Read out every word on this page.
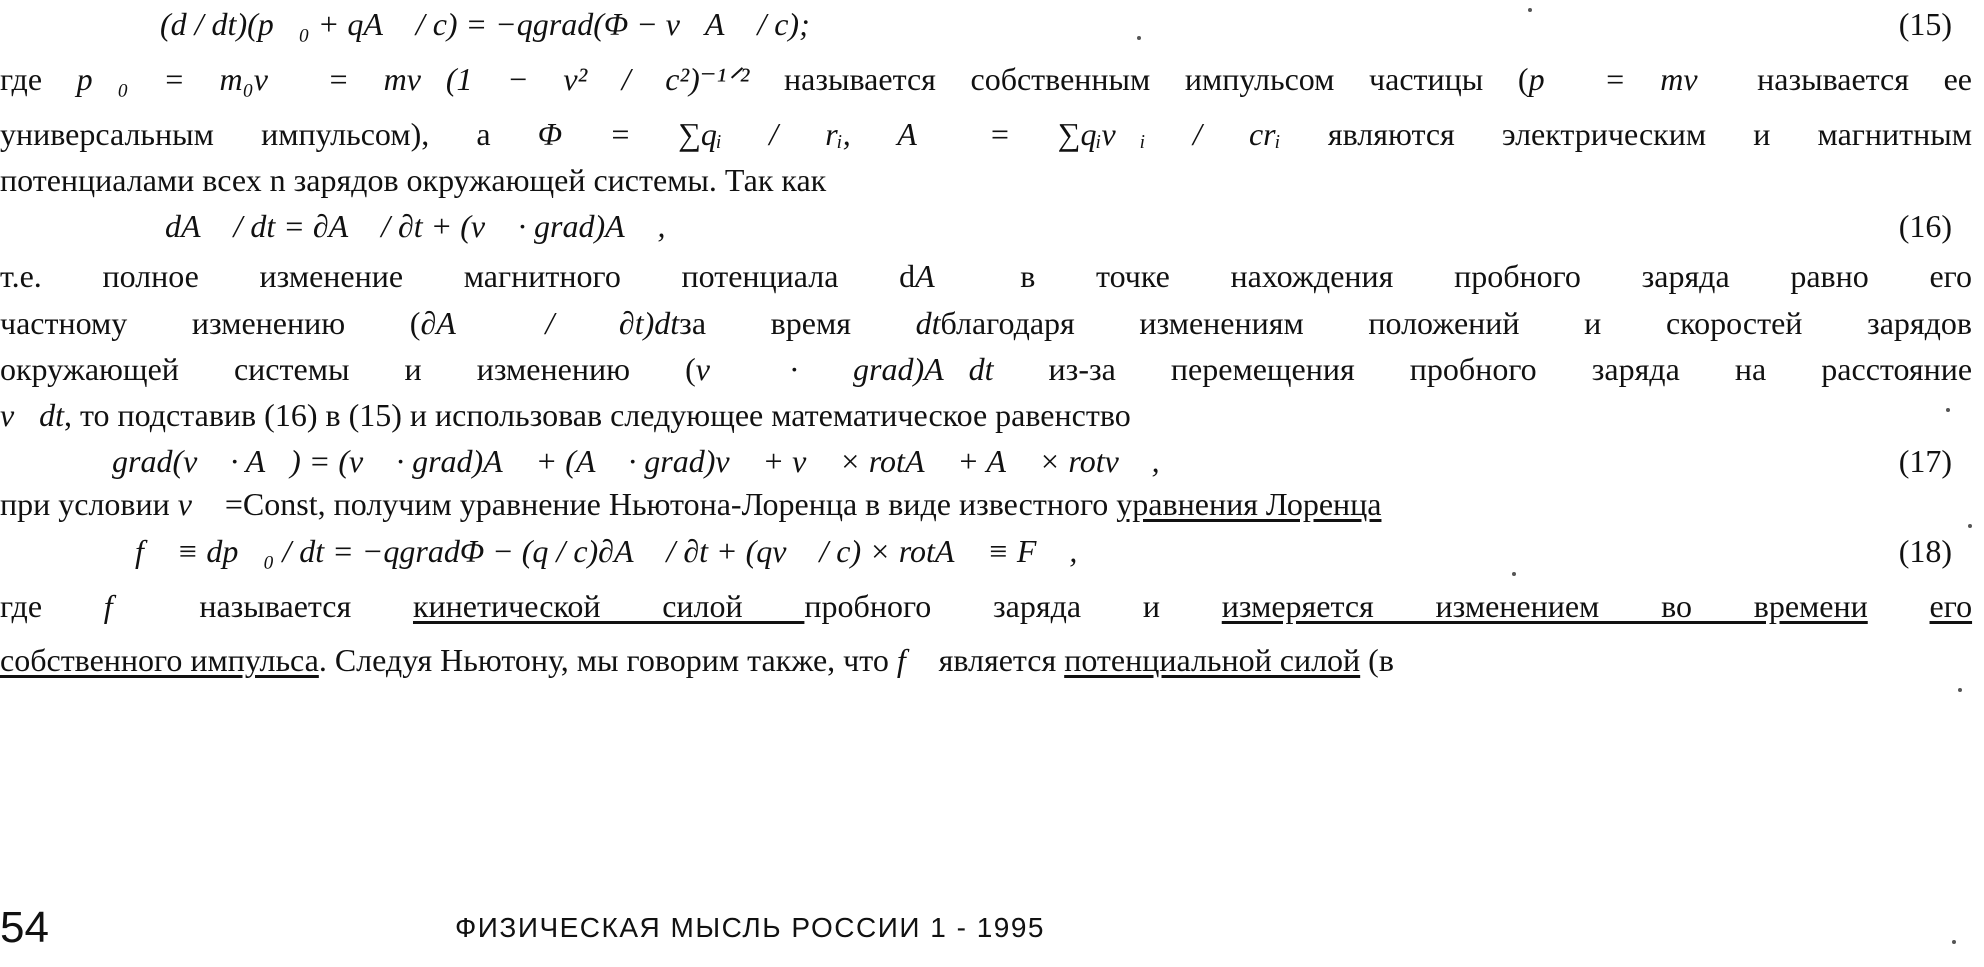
(d / dt)(p⃗₀ + qA⃗ / c) = −qgrad(Φ − v⃗A⃗ / c);	(15)
где p⃗₀ = m₀v⃗ = mv⃗(1 − v² / c²)⁻¹ᐟ² называется собственным импульсом частицы (p⃗ = mv⃗ называется ее
универсальным импульсом), а Φ = ∑qᵢ / rᵢ, A⃗ = ∑qᵢv⃗ᵢ / crᵢ являются электрическим и магнитным
потенциалами всех n зарядов окружающей системы. Так как
dA⃗ / dt = ∂A⃗ / ∂t + (v⃗ · grad)A⃗ ,	(16)
т.е. полное изменение магнитного потенциала dA⃗ в точке нахождения пробного заряда равно его
частному изменению (∂A⃗ / ∂t)dtза время dtблагодаря изменениям положений и скоростей зарядов
окружающей системы и изменению (v⃗ · grad)A⃗dt из-за перемещения пробного заряда на расстояние
v⃗dt, то подставив (16) в (15) и использовав следующее математическое равенство
grad(v⃗ · A⃗) = (v⃗ · grad)A⃗ + (A⃗ · grad)v⃗ + v⃗ × rotA⃗ + A⃗ × rotv⃗ ,	(17)
при условии v⃗ =Const, получим уравнение Ньютона-Лоренца в виде известного уравнения Лоренца
f⃗ ≡ dp⃗₀ / dt = −qgradΦ − (q / c)∂A⃗ / ∂t + (qv⃗ / c) × rotA⃗ ≡ F⃗ ,	(18)
где f⃗ называется кинетической силой пробного заряда и измеряется изменением во времени его
собственного импульса. Следуя Ньютону, мы говорим также, что f⃗ является потенциальной силой (в
54	ФИЗИЧЕСКАЯ МЫСЛЬ РОССИИ 1 - 1995
